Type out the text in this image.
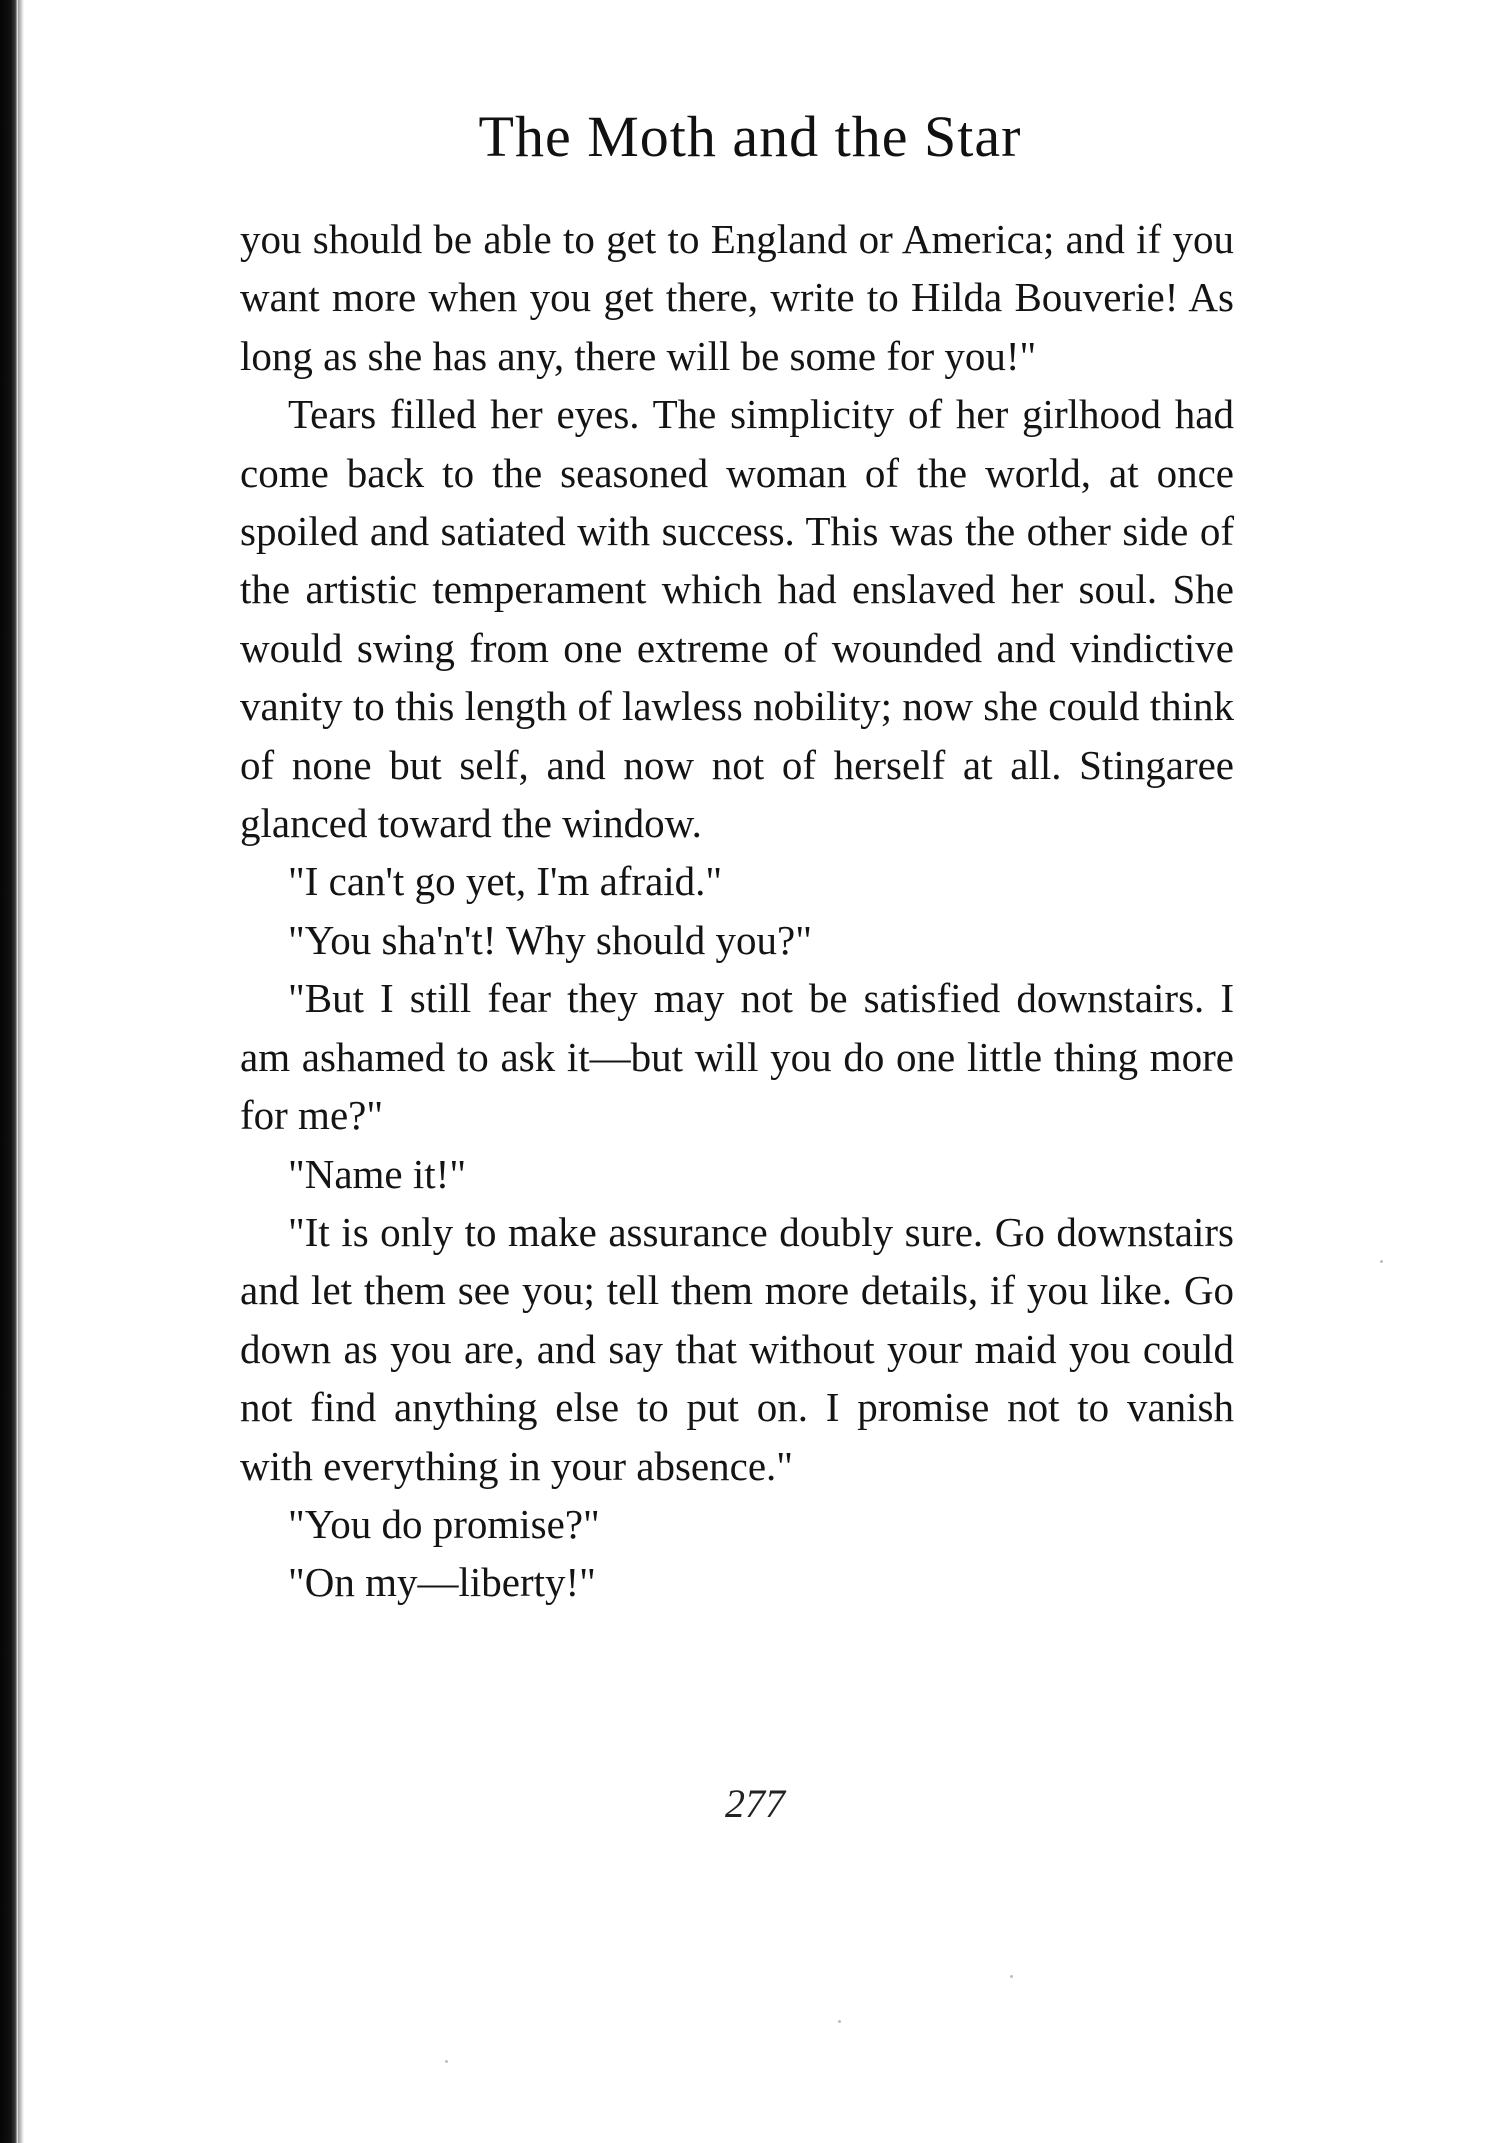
The Moth and the Star

you should be able to get to England or America; and if you want more when you get there, write to Hilda Bouverie! As long as she has any, there will be some for you!"

Tears filled her eyes. The simplicity of her girlhood had come back to the seasoned woman of the world, at once spoiled and satiated with success. This was the other side of the artistic temperament which had enslaved her soul. She would swing from one extreme of wounded and vindictive vanity to this length of lawless nobility; now she could think of none but self, and now not of herself at all. Stingaree glanced toward the window.

"I can't go yet, I'm afraid."

"You sha'n't! Why should you?"

"But I still fear they may not be satisfied downstairs. I am ashamed to ask it—but will you do one little thing more for me?"

"Name it!"

"It is only to make assurance doubly sure. Go downstairs and let them see you; tell them more details, if you like. Go down as you are, and say that without your maid you could not find anything else to put on. I promise not to vanish with everything in your absence."

"You do promise?"

"On my—liberty!"

277
